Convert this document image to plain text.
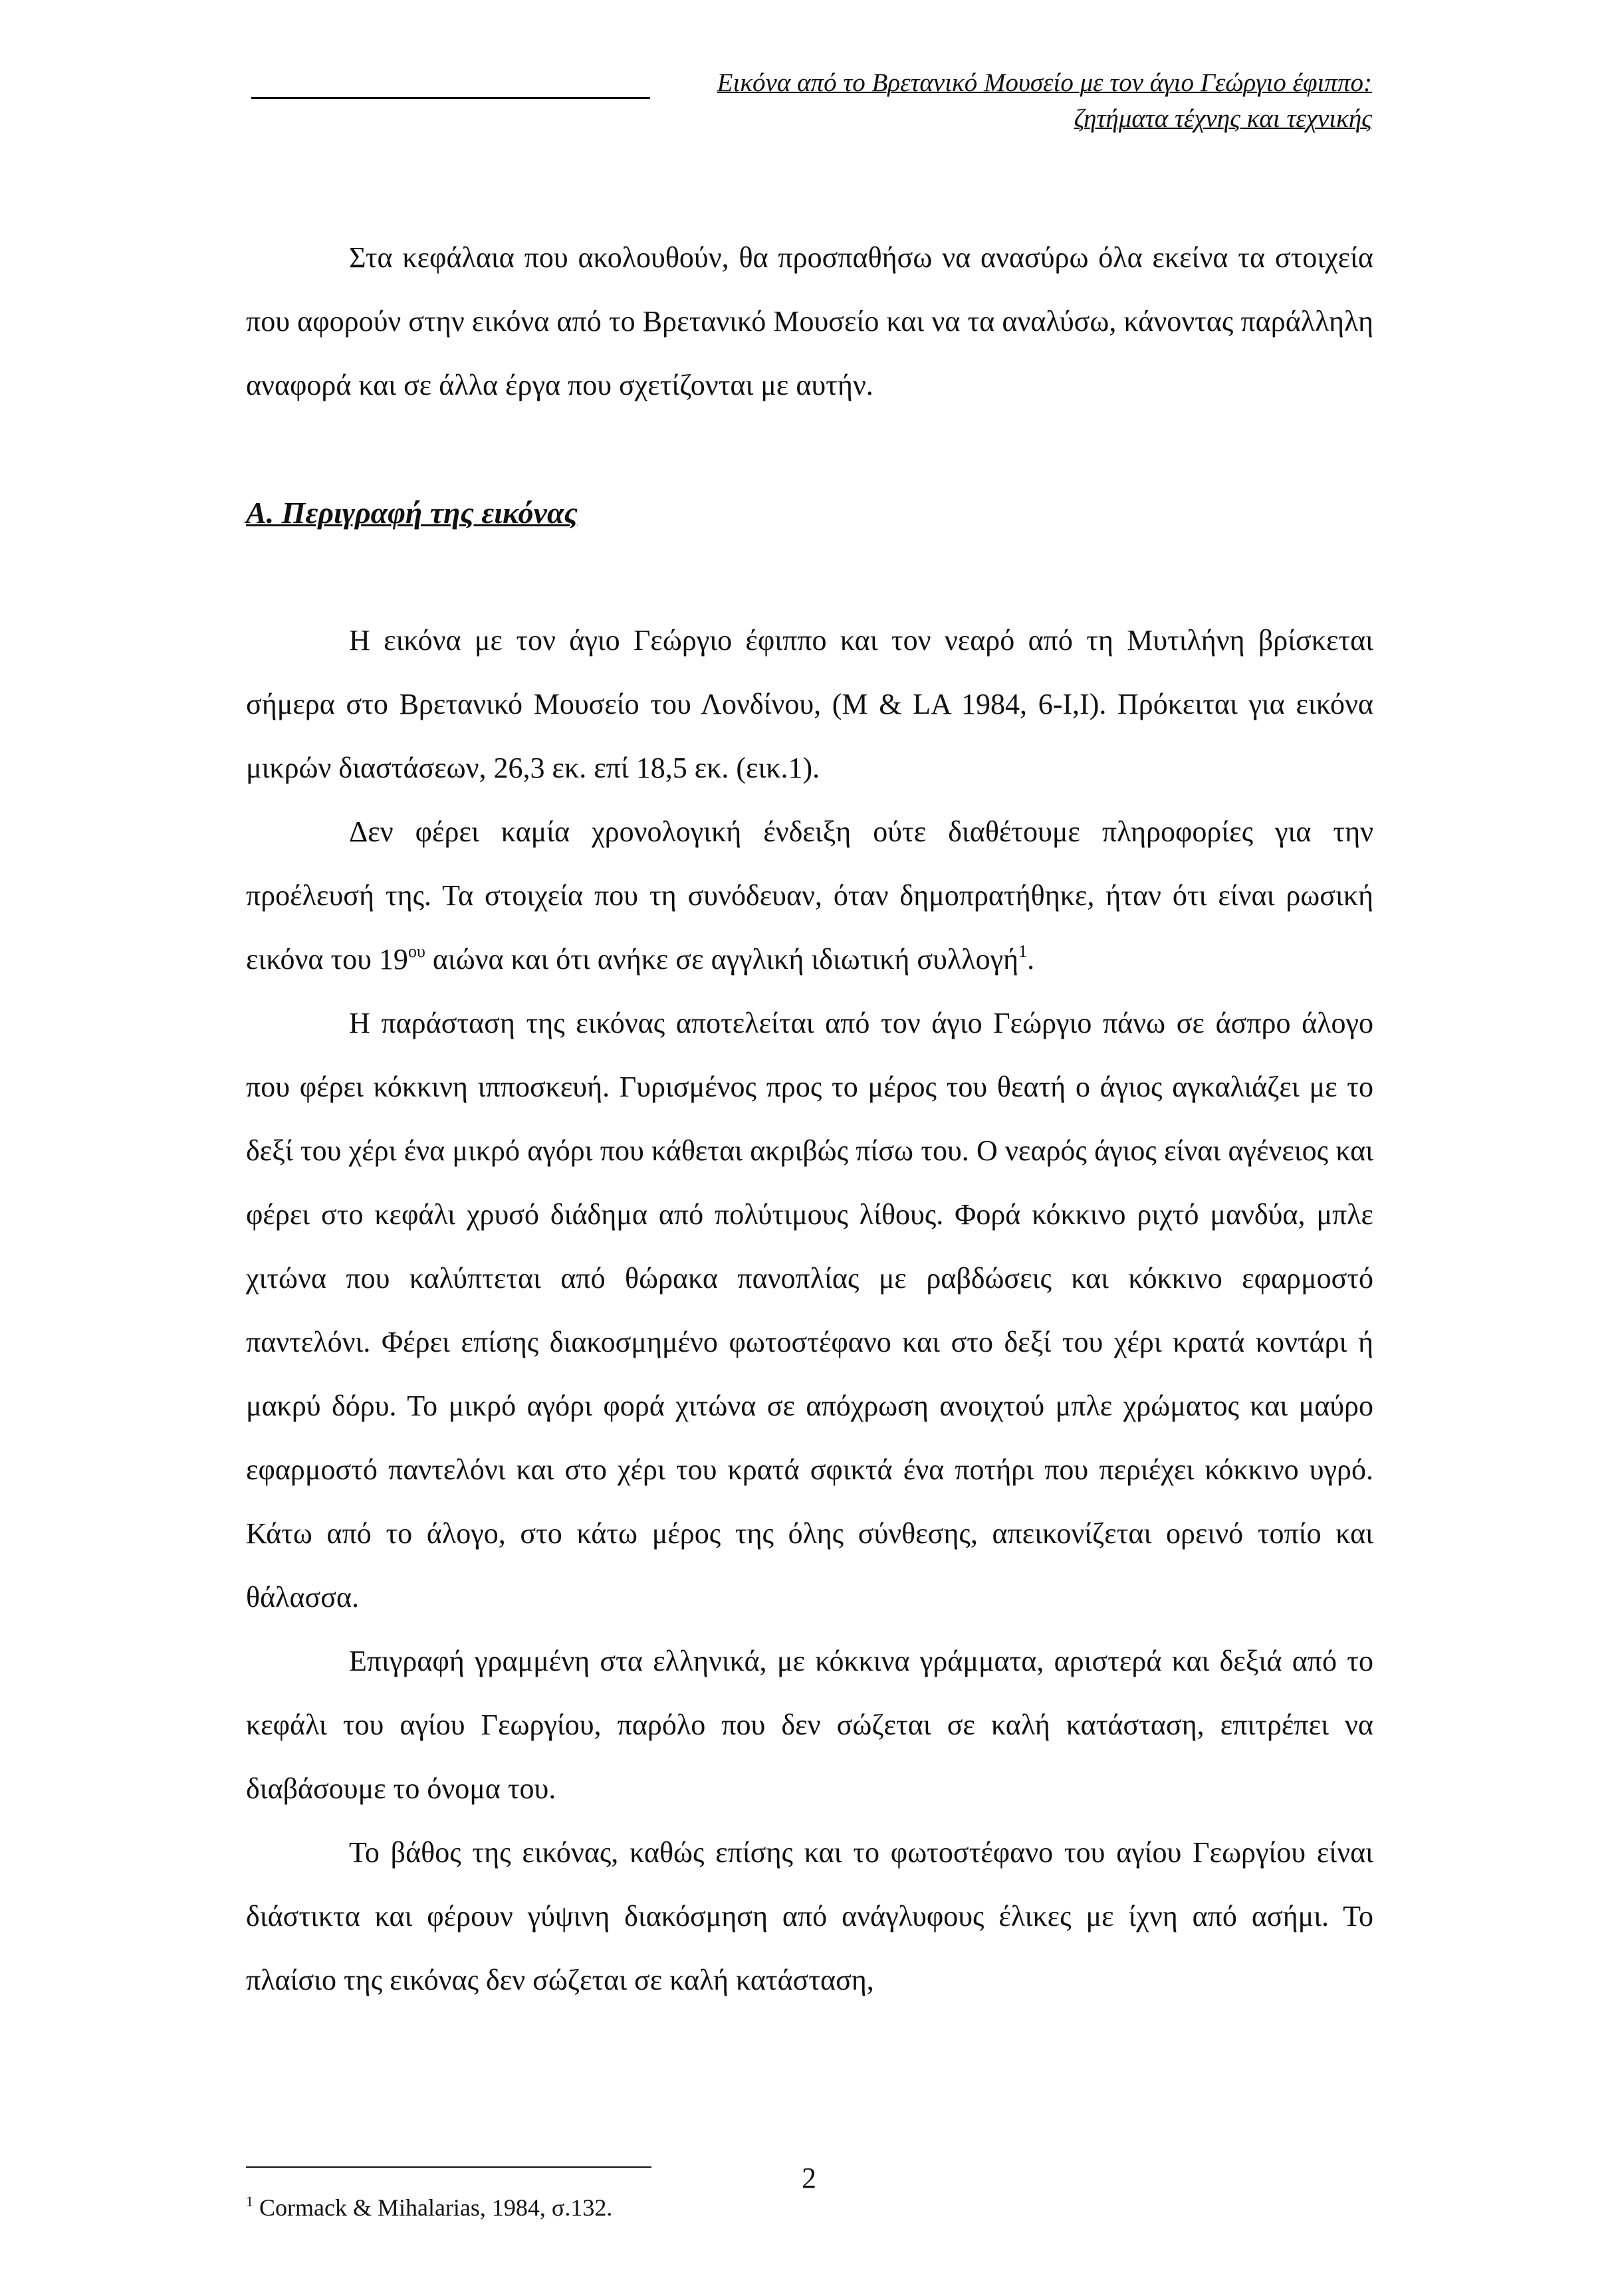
Εικόνα από το Βρετανικό Μουσείο με τον άγιο Γεώργιο έφιππο:
ζητήματα τέχνης και τεχνικής

Στα κεφάλαια που ακολουθούν, θα προσπαθήσω να ανασύρω όλα εκείνα τα στοιχεία που αφορούν στην εικόνα από το Βρετανικό Μουσείο και να τα αναλύσω, κάνοντας παράλληλη αναφορά και σε άλλα έργα που σχετίζονται με αυτήν.

Α. Περιγραφή της εικόνας

Η εικόνα με τον άγιο Γεώργιο έφιππο και τον νεαρό από τη Μυτιλήνη βρίσκεται σήμερα στο Βρετανικό Μουσείο του Λονδίνου, (M & LA 1984, 6-I,I). Πρόκειται για εικόνα μικρών διαστάσεων, 26,3 εκ. επί 18,5 εκ. (εικ.1).

Δεν φέρει καμία χρονολογική ένδειξη ούτε διαθέτουμε πληροφορίες για την προέλευσή της. Τα στοιχεία που τη συνόδευαν, όταν δημοπρατήθηκε, ήταν ότι είναι ρωσική εικόνα του $19^{o\upsilon}$ αιώνα και ότι ανήκε σε αγγλική ιδιωτική συλλογή$^1$.

Η παράσταση της εικόνας αποτελείται από τον άγιο Γεώργιο πάνω σε άσπρο άλογο που φέρει κόκκινη ιπποσκευή. Γυρισμένος προς το μέρος του θεατή ο άγιος αγκαλιάζει με το δεξί του χέρι ένα μικρό αγόρι που κάθεται ακριβώς πίσω του. Ο νεαρός άγιος είναι αγένειος και φέρει στο κεφάλι χρυσό διάδημα από πολύτιμους λίθους. Φορά κόκκινο ριχτό μανδύα, μπλε χιτώνα που καλύπτεται από θώρακα πανοπλίας με ραβδώσεις και κόκκινο εφαρμοστό παντελόνι. Φέρει επίσης διακοσμημένο φωτοστέφανο και στο δεξί του χέρι κρατά κοντάρι ή μακρύ δόρυ. Το μικρό αγόρι φορά χιτώνα σε απόχρωση ανοιχτού μπλε χρώματος και μαύρο εφαρμοστό παντελόνι και στο χέρι του κρατά σφικτά ένα ποτήρι που περιέχει κόκκινο υγρό. Κάτω από το άλογο, στο κάτω μέρος της όλης σύνθεσης, απεικονίζεται ορεινό τοπίο και θάλασσα.

Επιγραφή γραμμένη στα ελληνικά, με κόκκινα γράμματα, αριστερά και δεξιά από το κεφάλι του αγίου Γεωργίου, παρόλο που δεν σώζεται σε καλή κατάσταση, επιτρέπει να διαβάσουμε το όνομα του.

Το βάθος της εικόνας, καθώς επίσης και το φωτοστέφανο του αγίου Γεωργίου είναι διάστικτα και φέρουν γύψινη διακόσμηση από ανάγλυφους έλικες με ίχνη από ασήμι. Το πλαίσιο της εικόνας δεν σώζεται σε καλή κατάσταση,

$^1$ Cormack & Mihalarias, 1984, σ.132.
2
